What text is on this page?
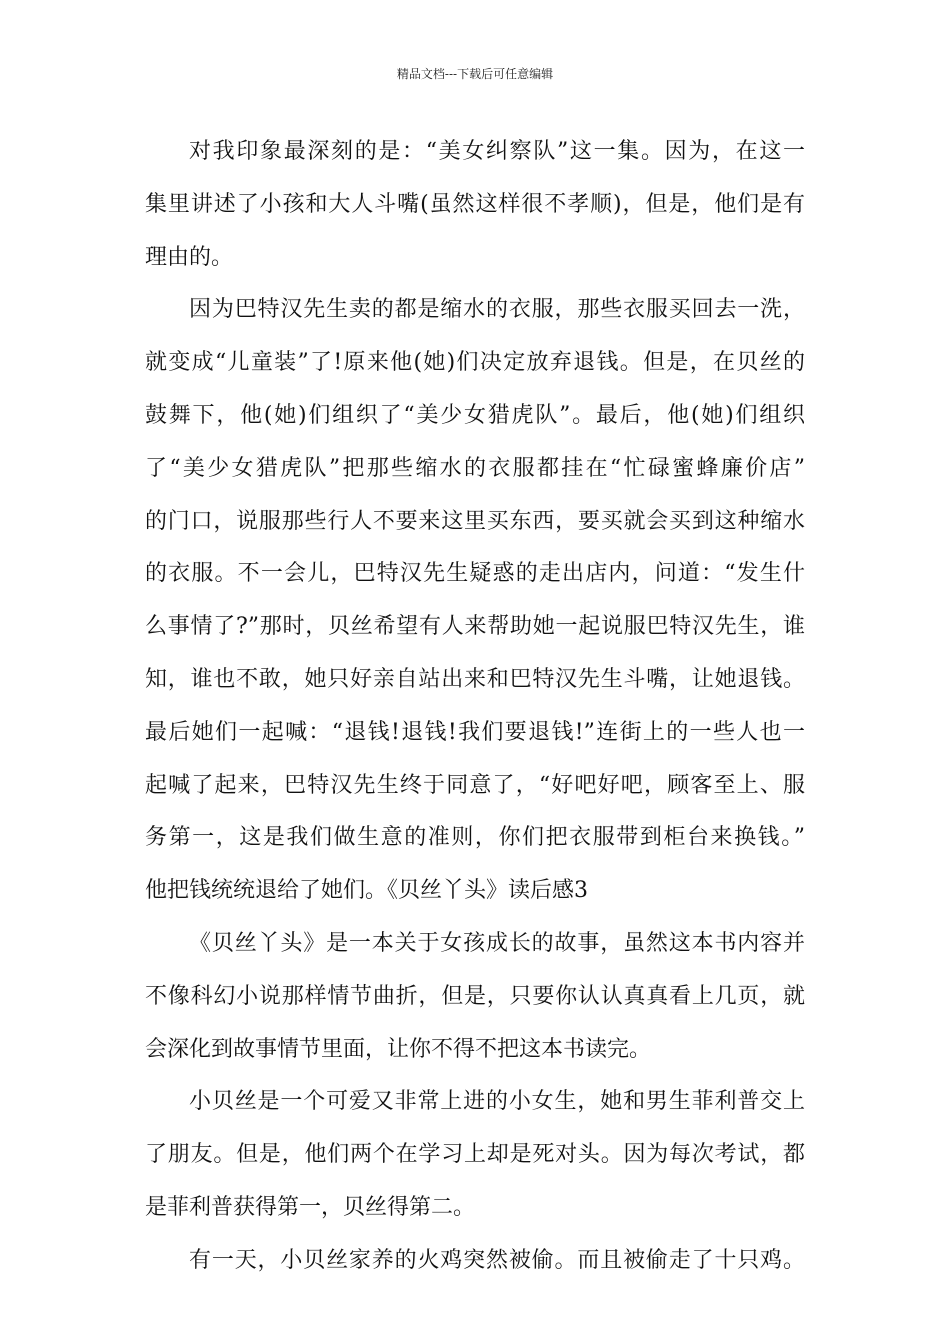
精品文档---下载后可任意编辑
对我印象最深刻的是：“美女纠察队”这一集。因为，在这一
集里讲述了小孩和大人斗嘴(虽然这样很不孝顺)，但是，他们是有
理由的。
因为巴特汉先生卖的都是缩水的衣服，那些衣服买回去一洗，
就变成“儿童装”了!原来他(她)们决定放弃退钱。但是，在贝丝的
鼓舞下，他(她)们组织了“美少女猎虎队”。最后，他(她)们组织
了“美少女猎虎队”把那些缩水的衣服都挂在“忙碌蜜蜂廉价店”
的门口，说服那些行人不要来这里买东西，要买就会买到这种缩水
的衣服。不一会儿，巴特汉先生疑惑的走出店内，问道：“发生什
么事情了?”那时，贝丝希望有人来帮助她一起说服巴特汉先生，谁
知，谁也不敢，她只好亲自站出来和巴特汉先生斗嘴，让她退钱。
最后她们一起喊：“退钱!退钱!我们要退钱!”连街上的一些人也一
起喊了起来，巴特汉先生终于同意了，“好吧好吧，顾客至上、服
务第一，这是我们做生意的准则，你们把衣服带到柜台来换钱。”
他把钱统统退给了她们。《贝丝丫头》读后感3
《贝丝丫头》是一本关于女孩成长的故事，虽然这本书内容并
不像科幻小说那样情节曲折，但是，只要你认认真真看上几页，就
会深化到故事情节里面，让你不得不把这本书读完。
小贝丝是一个可爱又非常上进的小女生，她和男生菲利普交上
了朋友。但是，他们两个在学习上却是死对头。因为每次考试，都
是菲利普获得第一，贝丝得第二。
有一天，小贝丝家养的火鸡突然被偷。而且被偷走了十只鸡。
